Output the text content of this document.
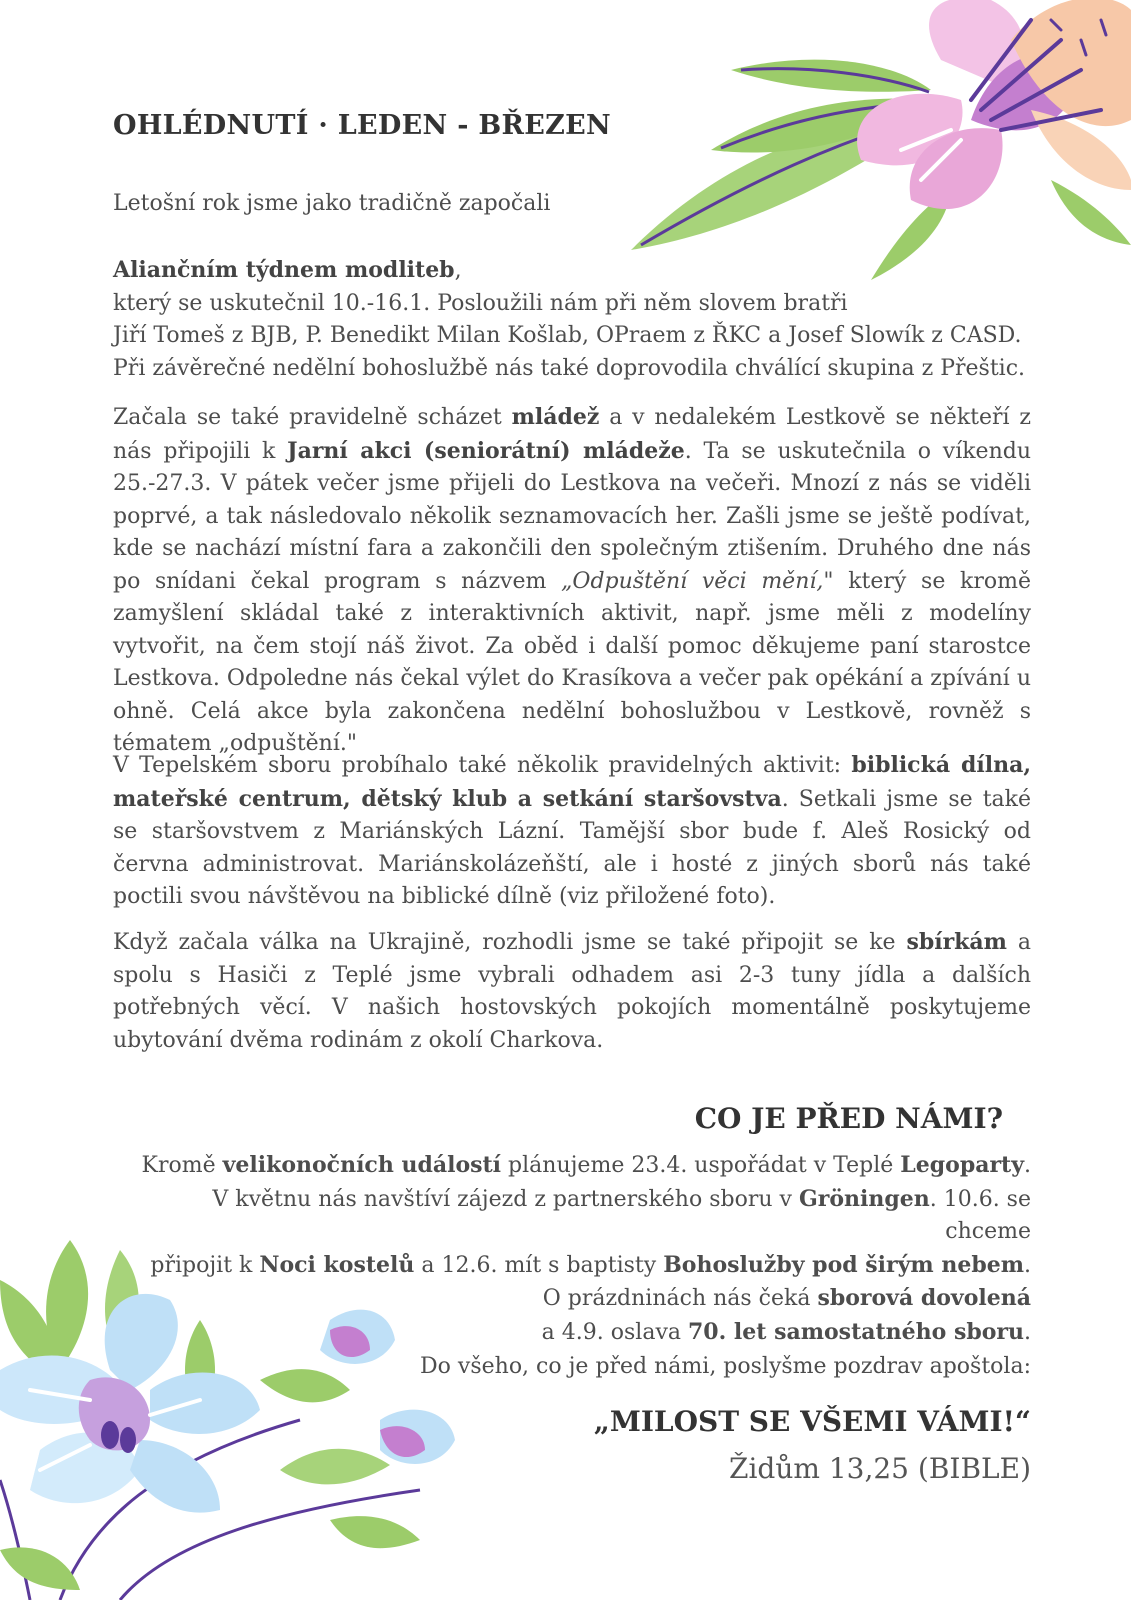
OHLÉDNUTÍ · LEDEN - BŘEZEN

Letošní rok jsme jako tradičně započali

Aliančním týdnem modliteb,
který se uskutečnil 10.-16.1. Posloužili nám při něm slovem bratři
Jiří Tomeš z BJB, P. Benedikt Milan Košlab, OPraem z ŘKC a Josef Slowík z CASD.
Při závěrečné nedělní bohoslužbě nás také doprovodila chválící skupina z Přeštic.

Začala se také pravidelně scházet mládež a v nedalekém Lestkově se někteří z nás připojili k Jarní akci (seniorátní) mládeže. Ta se uskutečnila o víkendu 25.-27.3. V pátek večer jsme přijeli do Lestkova na večeři. Mnozí z nás se viděli poprvé, a tak následovalo několik seznamovacích her. Zašli jsme se ještě podívat, kde se nachází místní fara a zakončili den společným ztišením. Druhého dne nás po snídani čekal program s názvem „Odpuštění věci mění," který se kromě zamyšlení skládal také z interaktivních aktivit, např. jsme měli z modelíny vytvořit, na čem stojí náš život. Za oběd i další pomoc děkujeme paní starostce Lestkova. Odpoledne nás čekal výlet do Krasíkova a večer pak opékání a zpívání u ohně. Celá akce byla zakončena nedělní bohoslužbou v Lestkově, rovněž s tématem „odpuštění."

V Tepelském sboru probíhalo také několik pravidelných aktivit: biblická dílna, mateřské centrum, dětský klub a setkání staršovstva. Setkali jsme se také se staršovstvem z Mariánských Lázní. Tamější sbor bude f. Aleš Rosický od června administrovat. Mariánskolázeňští, ale i hosté z jiných sborů nás také poctili svou návštěvou na biblické dílně (viz přiložené foto).

Když začala válka na Ukrajině, rozhodli jsme se také připojit se ke sbírkám a spolu s Hasiči z Teplé jsme vybrali odhadem asi 2-3 tuny jídla a dalších potřebných věcí. V našich hostovských pokojích momentálně poskytujeme ubytování dvěma rodinám z okolí Charkova.

CO JE PŘED NÁMI?

Kromě velikonočních událostí plánujeme 23.4. uspořádat v Teplé Legoparty.
V květnu nás navštíví zájezd z partnerského sboru v Gröningen. 10.6. se chceme
připojit k Noci kostelů a 12.6. mít s baptisty Bohoslužby pod širým nebem.
O prázdninách nás čeká sborová dovolená
a 4.9. oslava 70. let samostatného sboru.

Do všeho, co je před námi, poslyšme pozdrav apoštola:

„MILOST SE VŠEMI VÁMI!“

Židům 13,25 (BIBLE)
